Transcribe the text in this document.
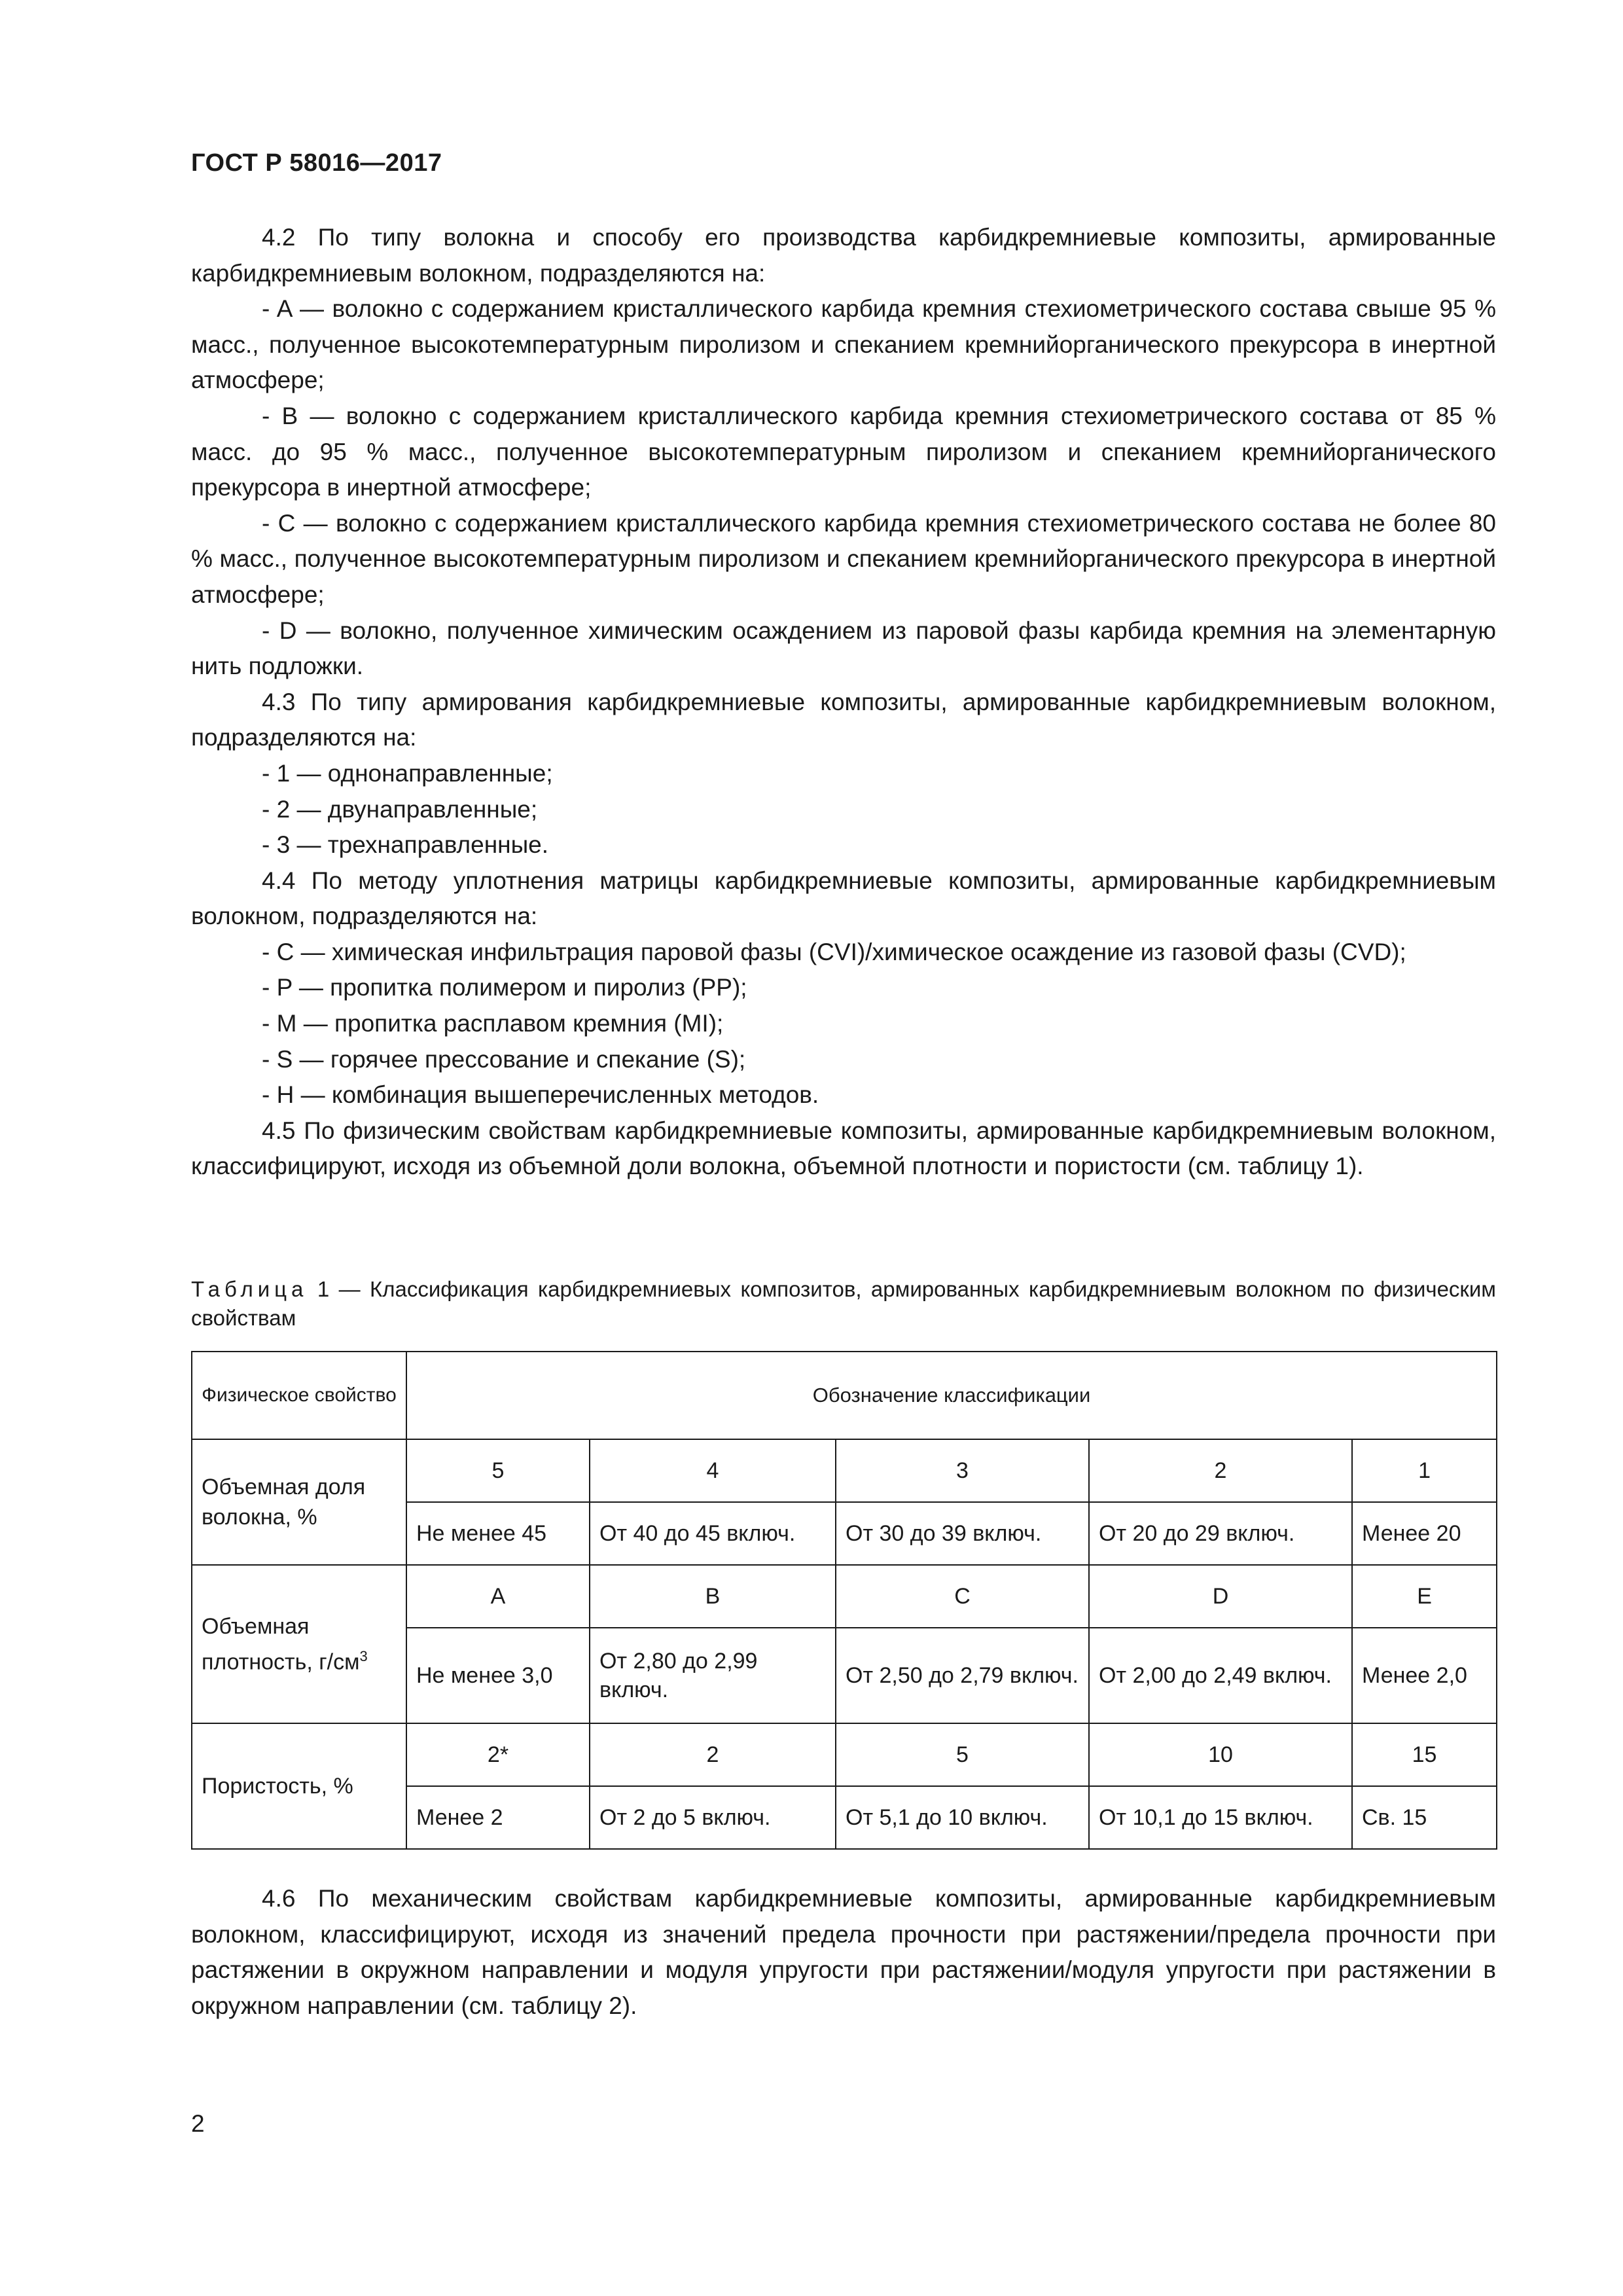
ГОСТ Р 58016—2017

4.2 По типу волокна и способу его производства карбидкремниевые композиты, армированные карбидкремниевым волокном, подразделяются на:

- A — волокно с содержанием кристаллического карбида кремния стехиометрического состава свыше 95 % масс., полученное высокотемпературным пиролизом и спеканием кремнийорганического прекурсора в инертной атмосфере;

- B — волокно с содержанием кристаллического карбида кремния стехиометрического состава от 85 % масс. до 95 % масс., полученное высокотемпературным пиролизом и спеканием кремнийорганического прекурсора в инертной атмосфере;

- C — волокно с содержанием кристаллического карбида кремния стехиометрического состава не более 80 % масс., полученное высокотемпературным пиролизом и спеканием кремнийорганического прекурсора в инертной атмосфере;

- D — волокно, полученное химическим осаждением из паровой фазы карбида кремния на элементарную нить подложки.

4.3 По типу армирования карбидкремниевые композиты, армированные карбидкремниевым волокном, подразделяются на:

- 1 — однонаправленные;

- 2 — двунаправленные;

- 3 — трехнаправленные.

4.4 По методу уплотнения матрицы карбидкремниевые композиты, армированные карбидкремниевым волокном, подразделяются на:

- C — химическая инфильтрация паровой фазы (CVI)/химическое осаждение из газовой фазы (CVD);

- P — пропитка полимером и пиролиз (PP);

- M — пропитка расплавом кремния (MI);

- S — горячее прессование и спекание (S);

- H — комбинация вышеперечисленных методов.

4.5 По физическим свойствам карбидкремниевые композиты, армированные карбидкремниевым волокном, классифицируют, исходя из объемной доли волокна, объемной плотности и пористости (см. таблицу 1).

Таблица 1 — Классификация карбидкремниевых композитов, армированных карбидкремниевым волокном по физическим свойствам
Физическое свойство	Обозначение классификации				
Объемная доля волокна, %	5	4	3	2	1
	Не менее 45	От 40 до 45 включ.	От 30 до 39 включ.	От 20 до 29 включ.	Менее 20
Объемная плотность, $г/см^3$	A	B	C	D	E
	Не менее 3,0	От 2,80 до 2,99 включ.	От 2,50 до 2,79 включ.	От 2,00 до 2,49 включ.	Менее 2,0
Пористость, %	2*	2	5	10	15
	Менее 2	От 2 до 5 включ.	От 5,1 до 10 включ.	От 10,1 до 15 включ.	Св. 15

4.6 По механическим свойствам карбидкремниевые композиты, армированные карбидкремниевым волокном, классифицируют, исходя из значений предела прочности при растяжении/предела прочности при растяжении в окружном направлении и модуля упругости при растяжении/модуля упругости при растяжении в окружном направлении (см. таблицу 2).

2
